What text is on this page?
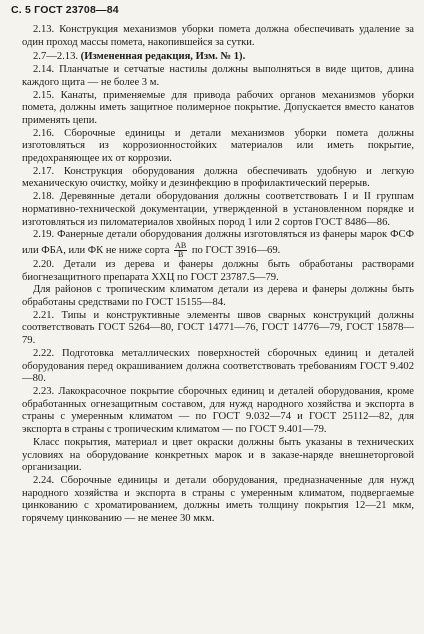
С. 5 ГОСТ 23708—84

2.13. Конструкция механизмов уборки помета должна обеспечивать удаление за один проход массы помета, накопившейся за сутки.

2.7—2.13. (Измененная редакция, Изм. № 1).

2.14. Планчатые и сетчатые настилы должны выполняться в виде щитов, длина каждого щита — не более 3 м.

2.15. Канаты, применяемые для привода рабочих органов механизмов уборки помета, должны иметь защитное полимерное покрытие. Допускается вместо канатов применять цепи.

2.16. Сборочные единицы и детали механизмов уборки помета должны изготовляться из коррозионностойких материалов или иметь покрытие, предохраняющее их от коррозии.

2.17. Конструкция оборудования должна обеспечивать удобную и легкую механическую очистку, мойку и дезинфекцию в профилактический перерыв.

2.18. Деревянные детали оборудования должны соответствовать I и II группам нормативно-технической документации, утвержденной в установленном порядке и изготовляться из пиломатериалов хвойных пород 1 или 2 сортов ГОСТ 8486—86.

2.19. Фанерные детали оборудования должны изготовляться из фанеры марок ФСФ или ФБА, или ФК не ниже сорта $\frac{AB}{B}$ по ГОСТ 3916—69.

2.20. Детали из дерева и фанеры должны быть обработаны растворами биогнезащитного препарата ХХЦ по ГОСТ 23787.5—79.

Для районов с тропическим климатом детали из дерева и фанеры должны быть обработаны средствами по ГОСТ 15155—84.

2.21. Типы и конструктивные элементы швов сварных конструкций должны соответствовать ГОСТ 5264—80, ГОСТ 14771—76, ГОСТ 14776—79, ГОСТ 15878—79.

2.22. Подготовка металлических поверхностей сборочных единиц и деталей оборудования перед окрашиванием должна соответствовать требованиям ГОСТ 9.402—80.

2.23. Лакокрасочное покрытие сборочных единиц и деталей оборудования, кроме обработанных огнезащитным составом, для нужд народного хозяйства и экспорта в страны с умеренным климатом — по ГОСТ 9.032—74 и ГОСТ 25112—82, для экспорта в страны с тропическим климатом — по ГОСТ 9.401—79.

Класс покрытия, материал и цвет окраски должны быть указаны в технических условиях на оборудование конкретных марок и в заказе-наряде внешнеторговой организации.

2.24. Сборочные единицы и детали оборудования, предназначенные для нужд народного хозяйства и экспорта в страны с умеренным климатом, подвергаемые цинкованию с хроматированием, должны иметь толщину покрытия 12—21 мкм, горячему цинкованию — не менее 30 мкм.
